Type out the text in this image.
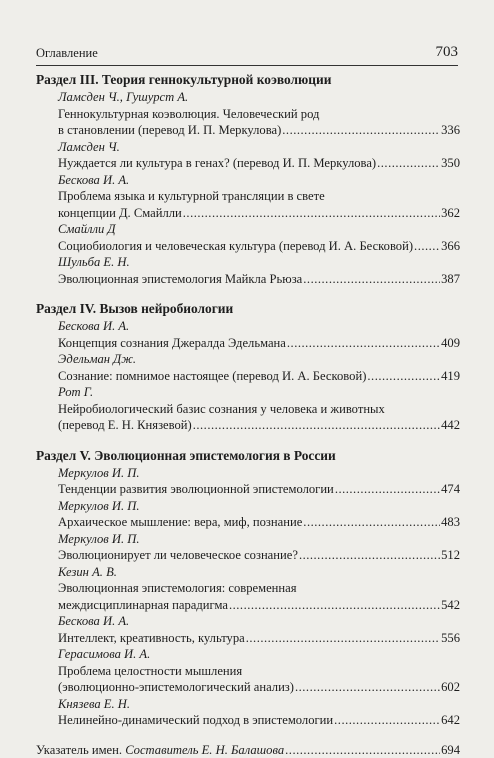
Оглавление	703
Раздел III. Теория геннокультурной коэволюции
Ламсден Ч., Гушурст А.
Геннокультурная коэволюция. Человеческий род
в становлении (перевод И. П. Меркулова) .....	336
Ламсден Ч.
Нуждается ли культура в генах? (перевод И. П. Меркулова) .....	350
Бескова И. А.
Проблема языка и культурной трансляции в свете
концепции Д. Смайлли .....	362
Смайлли Д
Социобиология и человеческая культура (перевод И. А. Бесковой) ..... 366
Шульба Е. Н.
Эволюционная эпистемология Майкла Рьюза .....	387
Раздел IV. Вызов нейробиологии
Бескова И. А.
Концепция сознания Джералда Эдельмана .....	409
Эдельман Дж.
Сознание: помнимое настоящее (перевод И. А. Бесковой) .....	419
Рот Г.
Нейробиологический базис сознания у человека и животных
(перевод Е. Н. Князевой) .....	442
Раздел V. Эволюционная эпистемология в России
Меркулов И. П.
Тенденции развития эволюционной эпистемологии .....	474
Меркулов И. П.
Архаическое мышление: вера, миф, познание .....	483
Меркулов И. П.
Эволюционирует ли человеческое сознание? .....	512
Кезин А. В.
Эволюционная эпистемология: современная
междисциплинарная парадигма .....	542
Бескова И. А.
Интеллект, креативность, культура .....	556
Герасимова И. А.
Проблема целостности мышления
(эволюционно-эпистемологический анализ) .....	602
Князева Е. Н.
Нелинейно-динамический подход в эпистемологии .....	642
Указатель имен. Составитель Е. Н. Балашова .....	694
